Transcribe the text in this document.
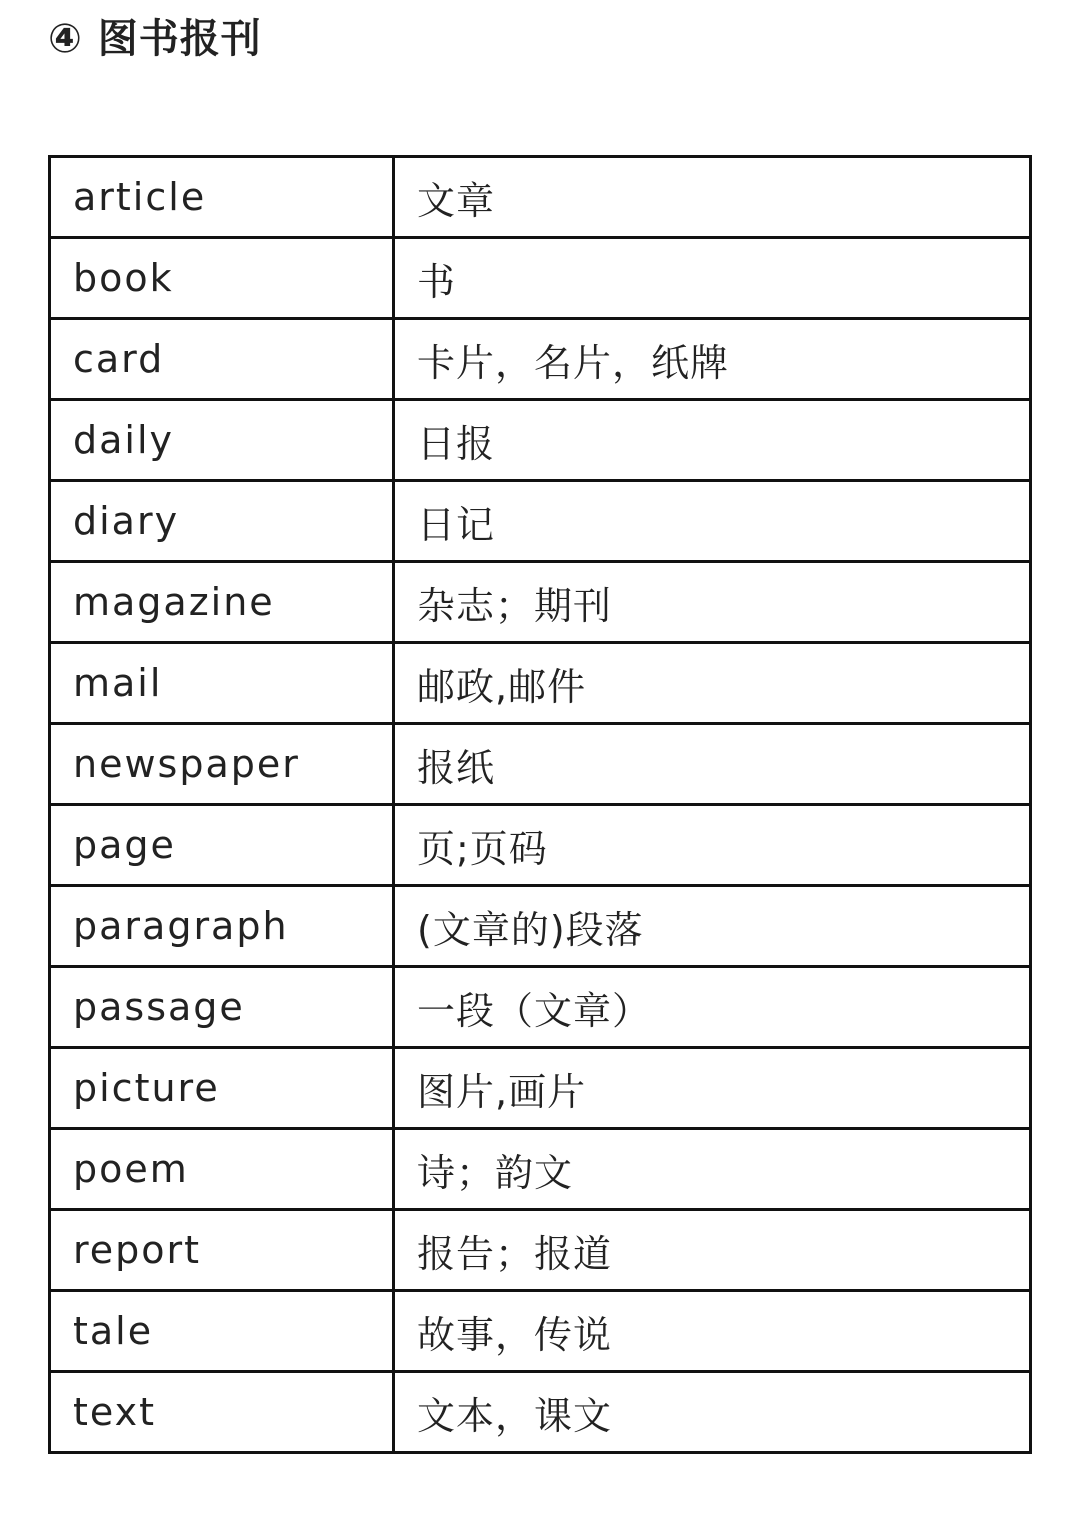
④ 图书报刊
article	文章
book	书
card	卡片，名片，纸牌
daily	日报
diary	日记
magazine	杂志；期刊
mail	邮政,邮件
newspaper	报纸
page	页;页码
paragraph	(文章的)段落
passage	一段（文章）
picture	图片,画片
poem	诗；韵文
report	报告；报道
tale	故事，传说
text	文本，课文
